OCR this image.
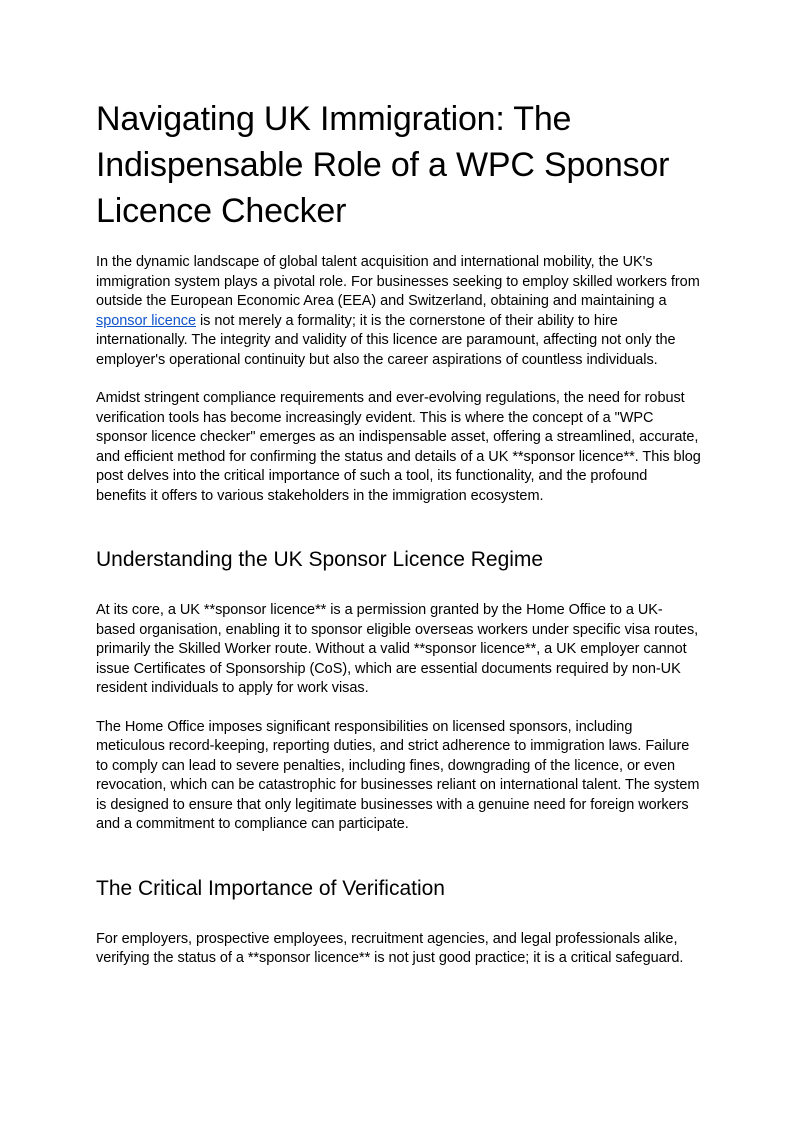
Navigating UK Immigration: The Indispensable Role of a WPC Sponsor Licence Checker

In the dynamic landscape of global talent acquisition and international mobility, the UK's immigration system plays a pivotal role. For businesses seeking to employ skilled workers from outside the European Economic Area (EEA) and Switzerland, obtaining and maintaining a sponsor licence is not merely a formality; it is the cornerstone of their ability to hire internationally. The integrity and validity of this licence are paramount, affecting not only the employer's operational continuity but also the career aspirations of countless individuals.

Amidst stringent compliance requirements and ever-evolving regulations, the need for robust verification tools has become increasingly evident. This is where the concept of a "WPC sponsor licence checker" emerges as an indispensable asset, offering a streamlined, accurate, and efficient method for confirming the status and details of a UK **sponsor licence**. This blog post delves into the critical importance of such a tool, its functionality, and the profound benefits it offers to various stakeholders in the immigration ecosystem.

Understanding the UK Sponsor Licence Regime

At its core, a UK **sponsor licence** is a permission granted by the Home Office to a UK-based organisation, enabling it to sponsor eligible overseas workers under specific visa routes, primarily the Skilled Worker route. Without a valid **sponsor licence**, a UK employer cannot issue Certificates of Sponsorship (CoS), which are essential documents required by non-UK resident individuals to apply for work visas.

The Home Office imposes significant responsibilities on licensed sponsors, including meticulous record-keeping, reporting duties, and strict adherence to immigration laws. Failure to comply can lead to severe penalties, including fines, downgrading of the licence, or even revocation, which can be catastrophic for businesses reliant on international talent. The system is designed to ensure that only legitimate businesses with a genuine need for foreign workers and a commitment to compliance can participate.

The Critical Importance of Verification

For employers, prospective employees, recruitment agencies, and legal professionals alike, verifying the status of a **sponsor licence** is not just good practice; it is a critical safeguard.
